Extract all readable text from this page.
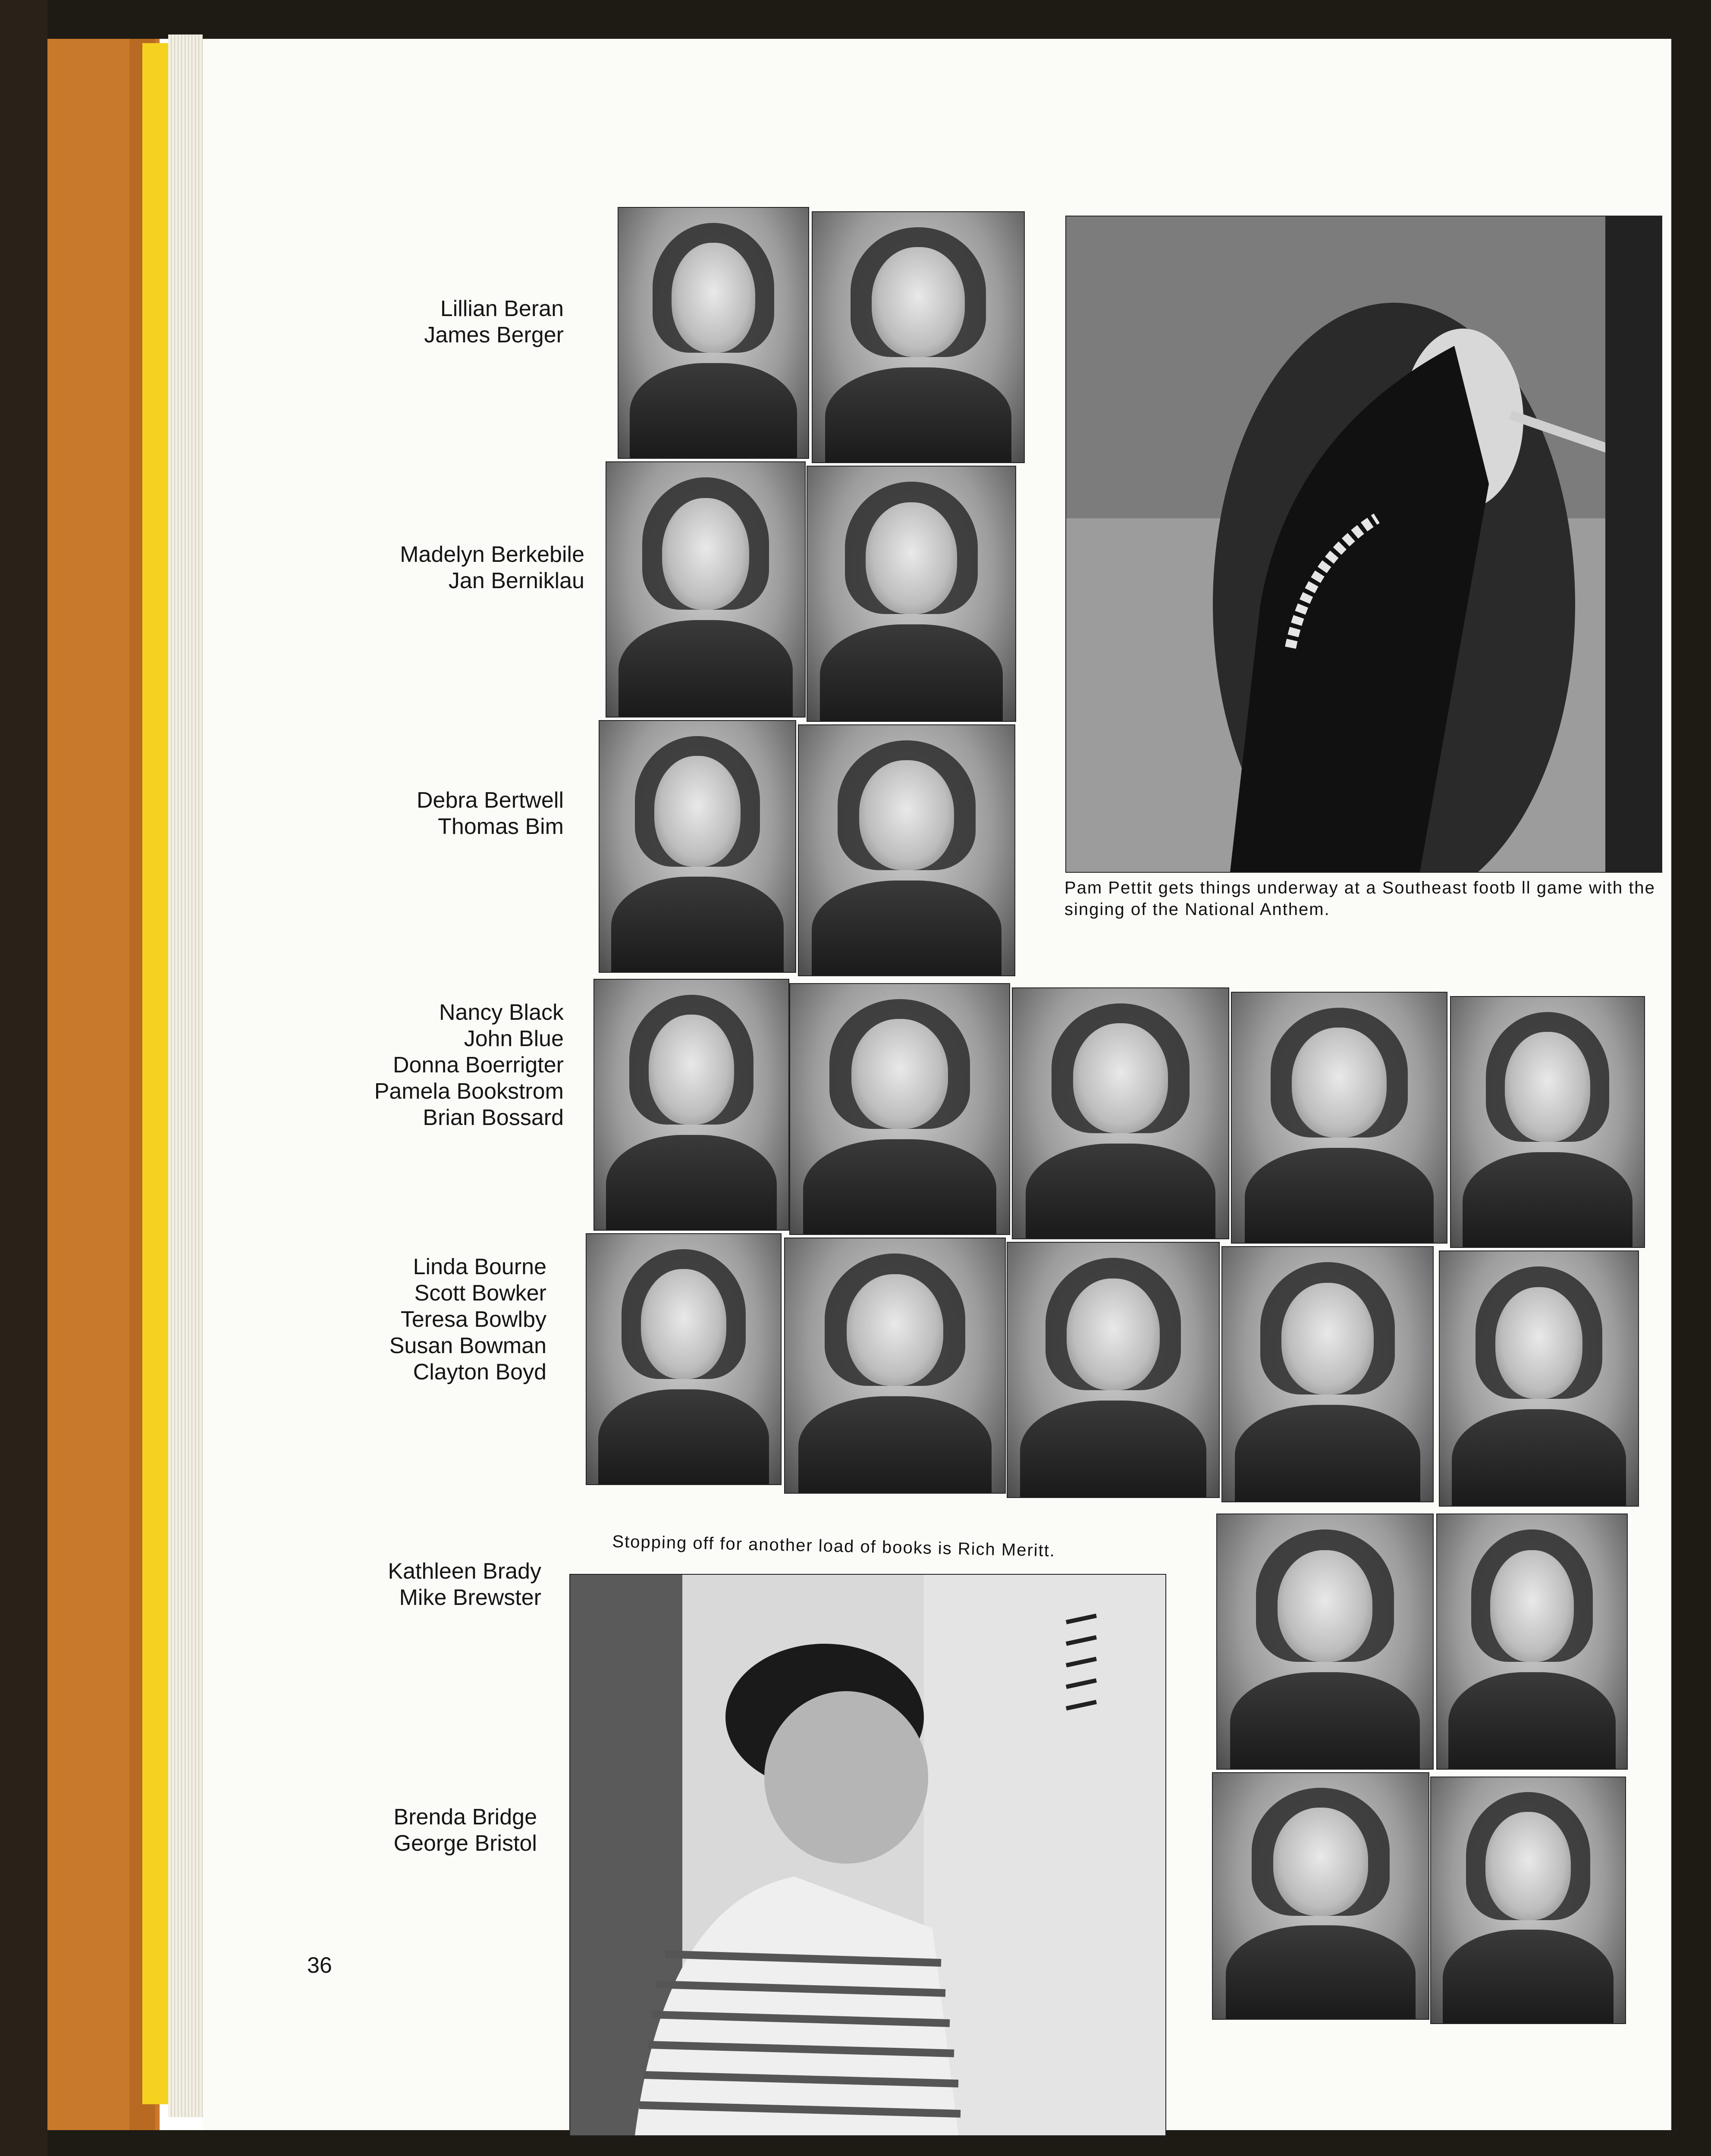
Lillian Beran
James Berger
Madelyn Berkebile
Jan Berniklau
Debra Bertwell
Thomas Bim
Nancy Black
John Blue
Donna Boerrigter
Pamela Bookstrom
Brian Bossard
Linda Bourne
Scott Bowker
Teresa Bowlby
Susan Bowman
Clayton Boyd
Kathleen Brady
Mike Brewster
Brenda Bridge
George Bristol
Pam Pettit gets things underway at a Southeast footb ll game with the singing of the National Anthem.
Stopping off for another load of books is Rich Meritt.
36
